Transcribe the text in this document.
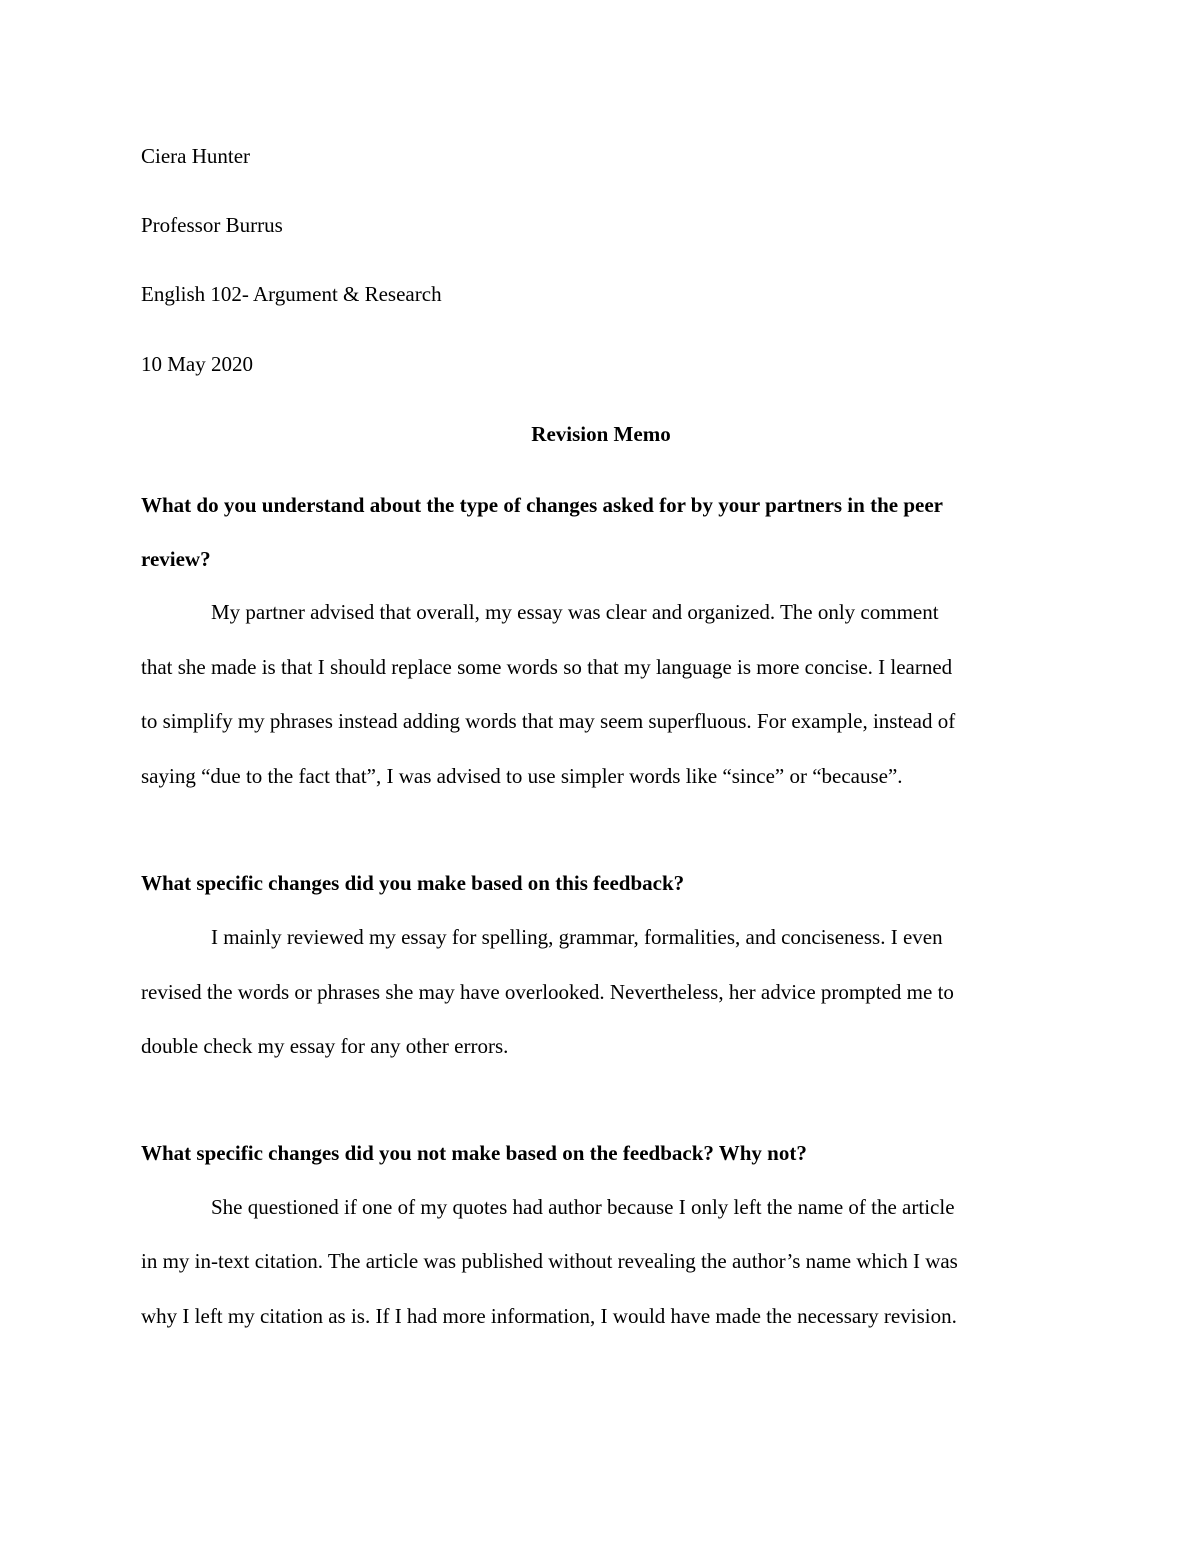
Ciera Hunter
Professor Burrus
English 102- Argument & Research
10 May 2020
Revision Memo
What do you understand about the type of changes asked for by your partners in the peer
review?
My partner advised that overall, my essay was clear and organized. The only comment
that she made is that I should replace some words so that my language is more concise. I learned
to simplify my phrases instead adding words that may seem superfluous. For example, instead of
saying “due to the fact that”, I was advised to use simpler words like “since” or “because”.
What specific changes did you make based on this feedback?
I mainly reviewed my essay for spelling, grammar, formalities, and conciseness. I even
revised the words or phrases she may have overlooked. Nevertheless, her advice prompted me to
double check my essay for any other errors.
What specific changes did you not make based on the feedback? Why not?
She questioned if one of my quotes had author because I only left the name of the article
in my in-text citation. The article was published without revealing the author’s name which I was
why I left my citation as is. If I had more information, I would have made the necessary revision.
